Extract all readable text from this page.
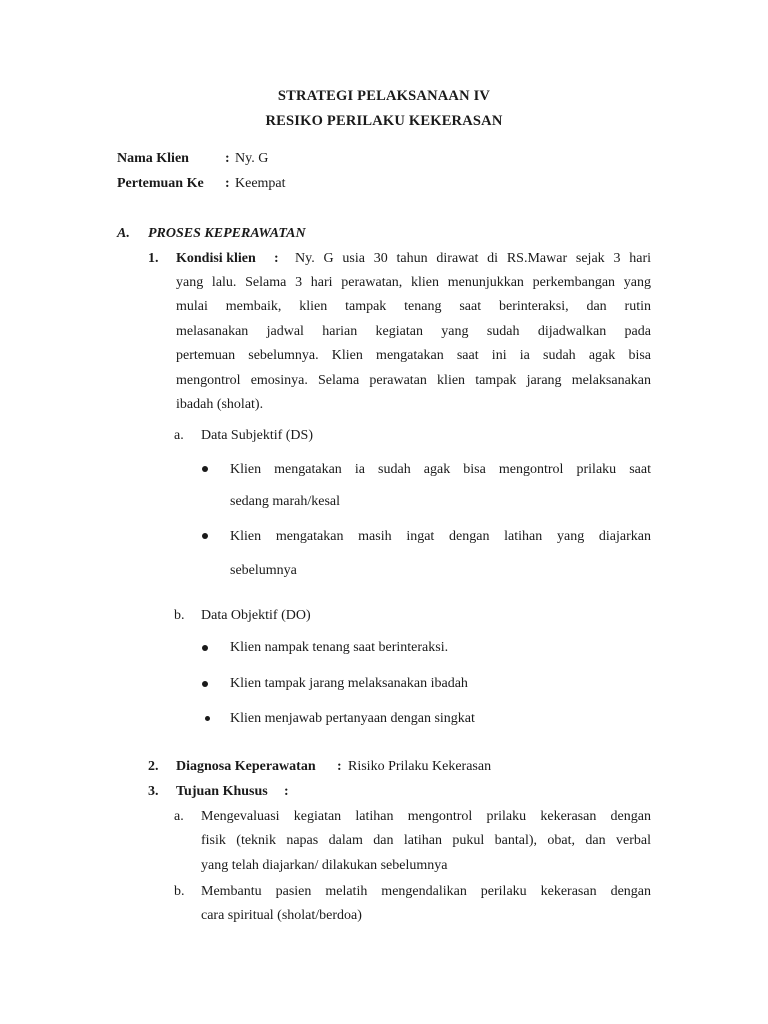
STRATEGI PELAKSANAAN IV
RESIKO PERILAKU KEKERASAN
Nama Klien	: Ny. G
Pertemuan Ke : Keempat
A. PROSES KEPERAWATAN
1. Kondisi klien : Ny. G usia 30 tahun dirawat di RS.Mawar sejak 3 hari
yang lalu. Selama 3 hari perawatan, klien menunjukkan perkembangan yang
mulai membaik, klien tampak tenang saat berinteraksi, dan rutin
melasanakan jadwal harian kegiatan yang sudah dijadwalkan pada
pertemuan sebelumnya. Klien mengatakan saat ini ia sudah agak bisa
mengontrol emosinya. Selama perawatan klien tampak jarang melaksanakan
ibadah (sholat).
a. Data Subjektif (DS)
Klien mengatakan ia sudah agak bisa mengontrol prilaku saat
sedang marah/kesal
Klien mengatakan masih ingat dengan latihan yang diajarkan
sebelumnya
b. Data Objektif (DO)
Klien nampak tenang saat berinteraksi.
Klien tampak jarang melaksanakan ibadah
Klien menjawab pertanyaan dengan singkat
2. Diagnosa Keperawatan : Risiko Prilaku Kekerasan
3. Tujuan Khusus :
a. Mengevaluasi kegiatan latihan mengontrol prilaku kekerasan dengan
fisik (teknik napas dalam dan latihan pukul bantal), obat, dan verbal
yang telah diajarkan/ dilakukan sebelumnya
b. Membantu pasien melatih mengendalikan perilaku kekerasan dengan
cara spiritual (sholat/berdoa)
